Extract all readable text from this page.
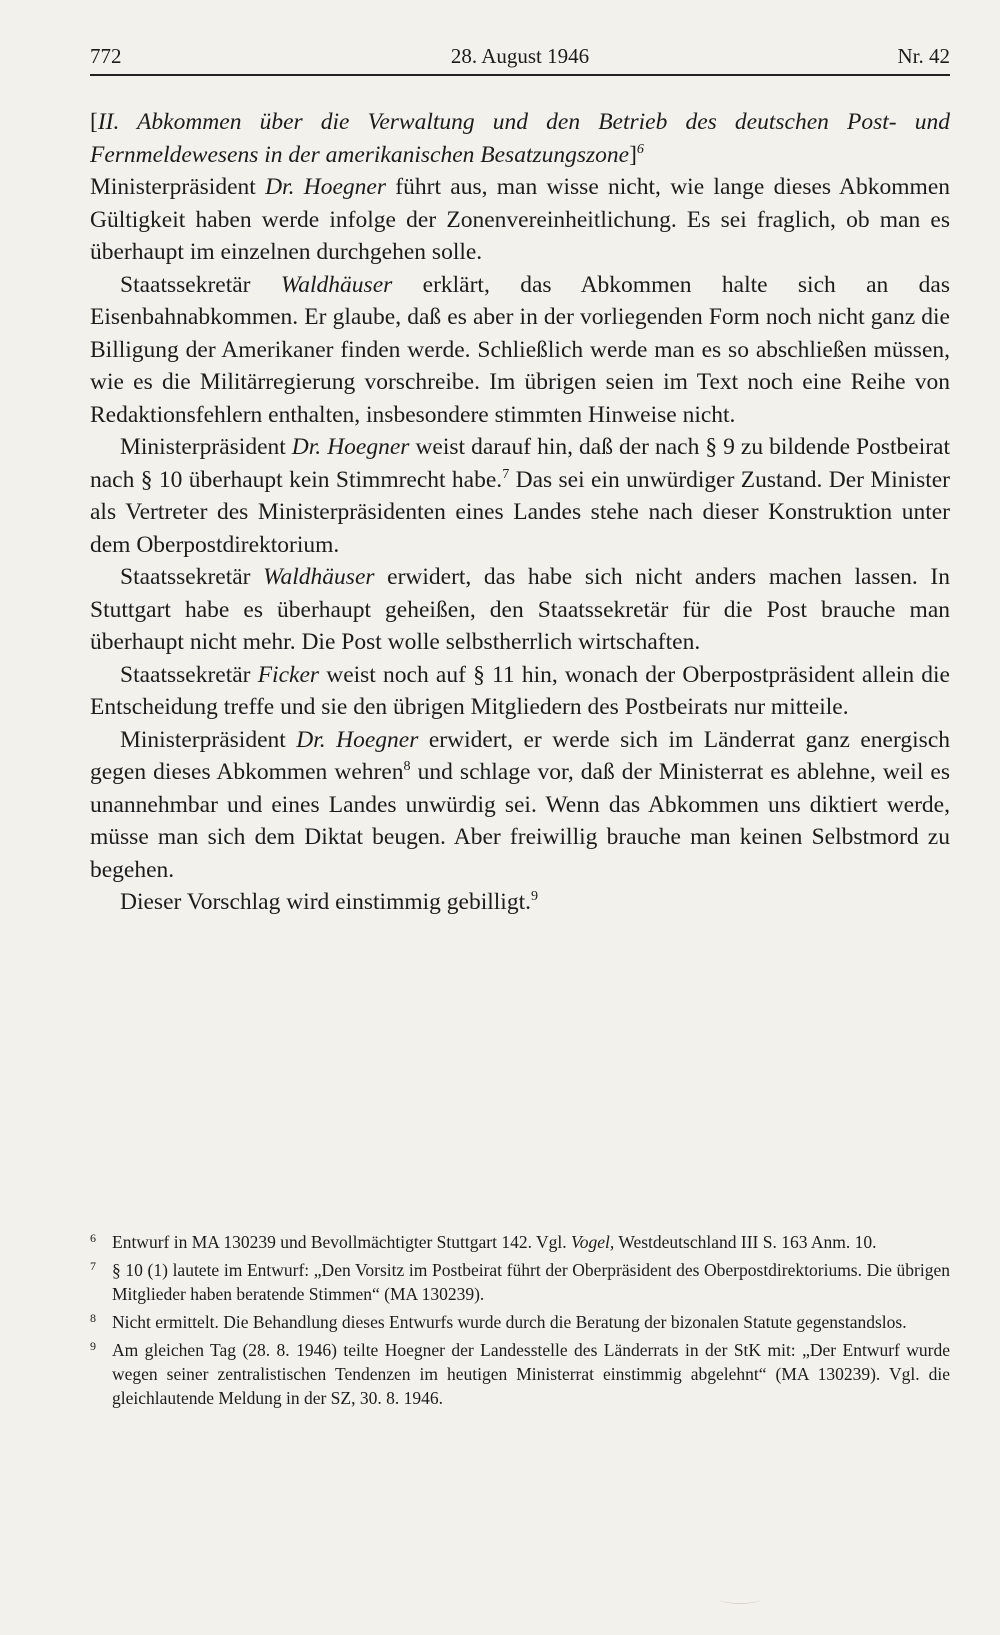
772	28. August 1946	Nr. 42

[II. Abkommen über die Verwaltung und den Betrieb des deutschen Post- und Fernmeldewesens in der amerikanischen Besatzungszone]$^6$

Ministerpräsident Dr. Hoegner führt aus, man wisse nicht, wie lange dieses Abkommen Gültigkeit haben werde infolge der Zonenvereinheitlichung. Es sei fraglich, ob man es überhaupt im einzelnen durchgehen solle.

Staatssekretär Waldhäuser erklärt, das Abkommen halte sich an das Eisenbahnabkommen. Er glaube, daß es aber in der vorliegenden Form noch nicht ganz die Billigung der Amerikaner finden werde. Schließlich werde man es so abschließen müssen, wie es die Militärregierung vorschreibe. Im übrigen seien im Text noch eine Reihe von Redaktionsfehlern enthalten, insbesondere stimmten Hinweise nicht.

Ministerpräsident Dr. Hoegner weist darauf hin, daß der nach § 9 zu bildende Postbeirat nach § 10 überhaupt kein Stimmrecht habe.$^7$ Das sei ein unwürdiger Zustand. Der Minister als Vertreter des Ministerpräsidenten eines Landes stehe nach dieser Konstruktion unter dem Oberpostdirektorium.

Staatssekretär Waldhäuser erwidert, das habe sich nicht anders machen lassen. In Stuttgart habe es überhaupt geheißen, den Staatssekretär für die Post brauche man überhaupt nicht mehr. Die Post wolle selbstherrlich wirtschaften.

Staatssekretär Ficker weist noch auf § 11 hin, wonach der Oberpostpräsident allein die Entscheidung treffe und sie den übrigen Mitgliedern des Postbeirats nur mitteile.

Ministerpräsident Dr. Hoegner erwidert, er werde sich im Länderrat ganz energisch gegen dieses Abkommen wehren$^8$ und schlage vor, daß der Ministerrat es ablehne, weil es unannehmbar und eines Landes unwürdig sei. Wenn das Abkommen uns diktiert werde, müsse man sich dem Diktat beugen. Aber freiwillig brauche man keinen Selbstmord zu begehen.

Dieser Vorschlag wird einstimmig gebilligt.$^9$

6 Entwurf in MA 130239 und Bevollmächtigter Stuttgart 142. Vgl. Vogel, Westdeutschland III S. 163 Anm. 10.
7 § 10 (1) lautete im Entwurf: „Den Vorsitz im Postbeirat führt der Oberpräsident des Oberpostdirektoriums. Die übrigen Mitglieder haben beratende Stimmen“ (MA 130239).
8 Nicht ermittelt. Die Behandlung dieses Entwurfs wurde durch die Beratung der bizonalen Statute gegenstandslos.
9 Am gleichen Tag (28. 8. 1946) teilte Hoegner der Landesstelle des Länderrats in der StK mit: „Der Entwurf wurde wegen seiner zentralistischen Tendenzen im heutigen Ministerrat einstimmig abgelehnt“ (MA 130239). Vgl. die gleichlautende Meldung in der SZ, 30. 8. 1946.
